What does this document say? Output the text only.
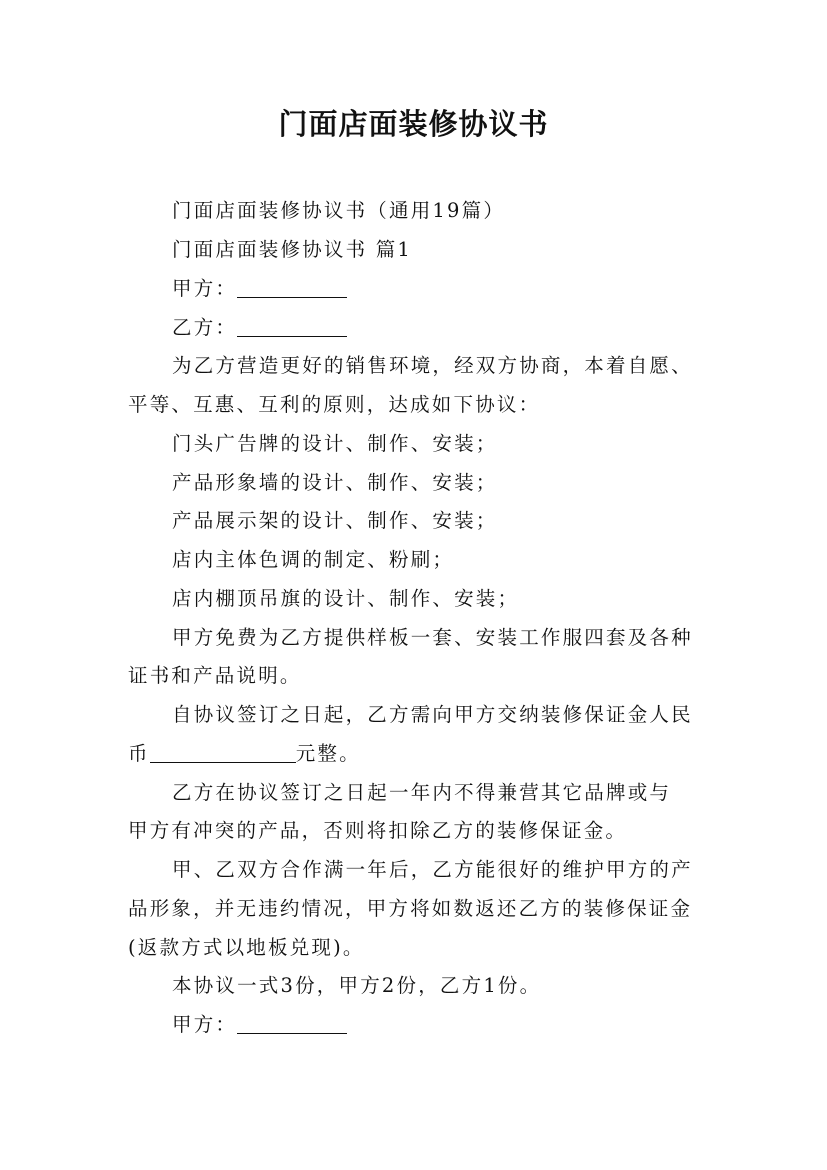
门面店面装修协议书
门面店面装修协议书（通用19篇）
门面店面装修协议书 篇1
甲方：
乙方：
为乙方营造更好的销售环境，经双方协商，本着自愿、
平等、互惠、互利的原则，达成如下协议：
门头广告牌的设计、制作、安装；
产品形象墙的设计、制作、安装；
产品展示架的设计、制作、安装；
店内主体色调的制定、粉刷；
店内棚顶吊旗的设计、制作、安装；
甲方免费为乙方提供样板一套、安装工作服四套及各种
证书和产品说明。
自协议签订之日起，乙方需向甲方交纳装修保证金人民
币	元整。
乙方在协议签订之日起一年内不得兼营其它品牌或与
甲方有冲突的产品，否则将扣除乙方的装修保证金。
甲、乙双方合作满一年后，乙方能很好的维护甲方的产
品形象，并无违约情况，甲方将如数返还乙方的装修保证金
(返款方式以地板兑现)。
本协议一式3份，甲方2份，乙方1份。
甲方：
